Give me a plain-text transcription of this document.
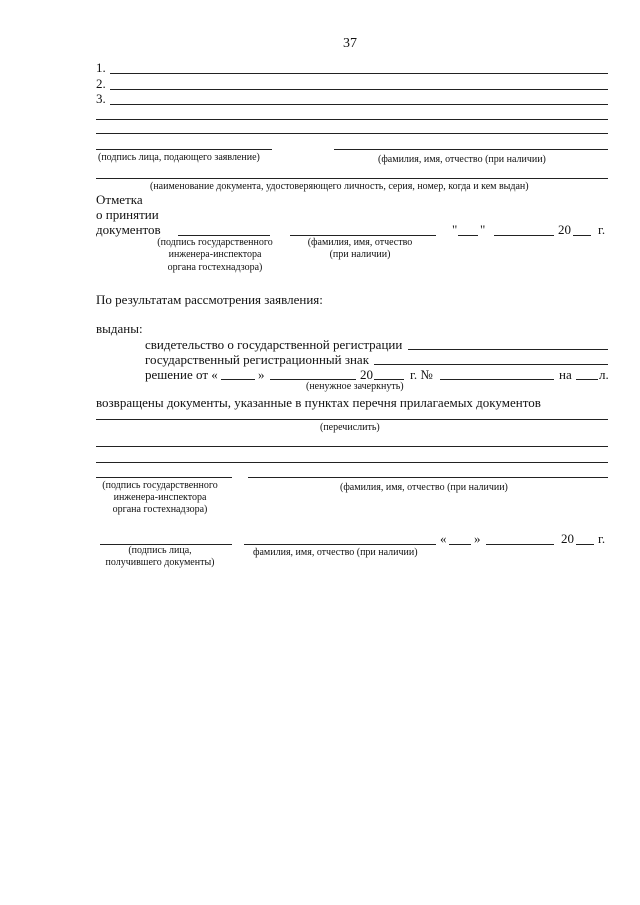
37
1.
2.
3.
(подпись лица, подающего заявление)	(фамилия, имя, отчество (при наличии)
(наименование документа, удостоверяющего личность, серия, номер, когда и кем выдан)
Отметка
о принятии
документов	" "	20 г.
(подпись государственного
инженера-инспектора
органа гостехнадзора)
(фамилия, имя, отчество
(при наличии)
По результатам рассмотрения заявления:
выданы:
свидетельство о государственной регистрации
государственный регистрационный знак
решение от «	»	20	г. №	на л.
(ненужное зачеркнуть)
возвращены документы, указанные в пунктах перечня прилагаемых документов
(перечислить)
(подпись государственного
инженера-инспектора
органа гостехнадзора)
(фамилия, имя, отчество (при наличии)
« »	20 г.
(подпись лица,
получившего документы)
фамилия, имя, отчество (при наличии)
